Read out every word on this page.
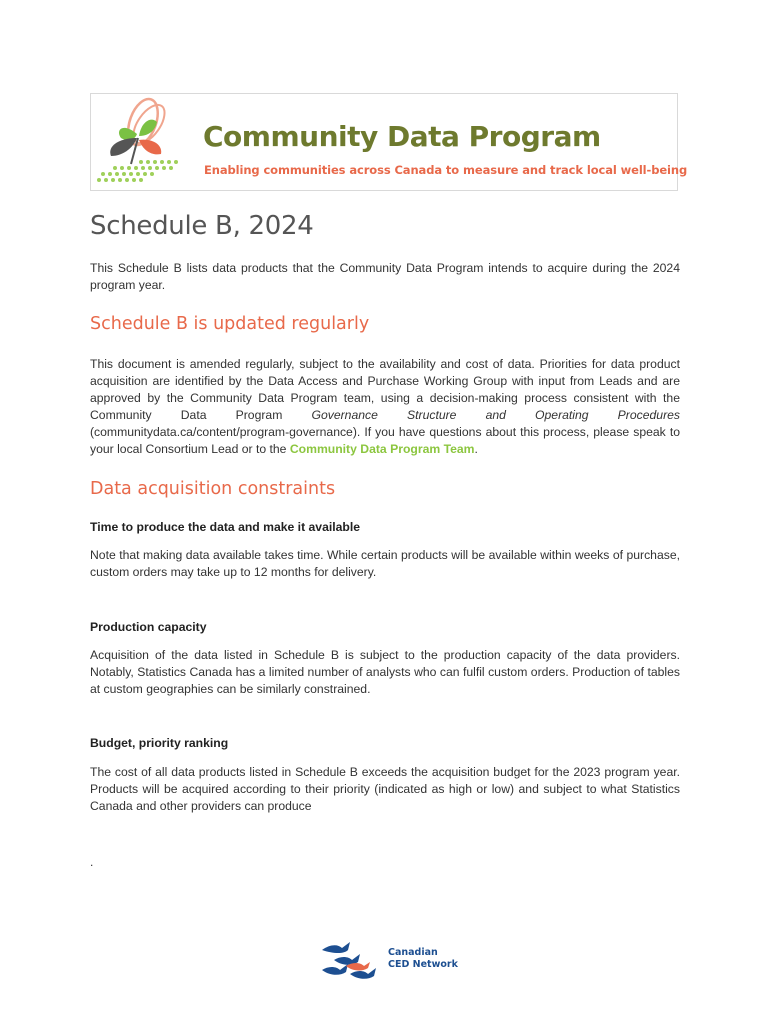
Community Data Program
Enabling communities across Canada to measure and track local well-being
Schedule B, 2024

This Schedule B lists data products that the Community Data Program intends to acquire during the 2024 program year.

Schedule B is updated regularly

This document is amended regularly, subject to the availability and cost of data. Priorities for data product acquisition are identified by the Data Access and Purchase Working Group with input from Leads and are approved by the Community Data Program team, using a decision-making process consistent with the Community Data Program Governance Structure and Operating Procedures (communitydata.ca/content/program-governance). If you have questions about this process, please speak to your local Consortium Lead or to the Community Data Program Team.

Data acquisition constraints
Time to produce the data and make it available

Note that making data available takes time. While certain products will be available within weeks of purchase, custom orders may take up to 12 months for delivery.

Production capacity

Acquisition of the data listed in Schedule B is subject to the production capacity of the data providers. Notably, Statistics Canada has a limited number of analysts who can fulfil custom orders. Production of tables at custom geographies can be similarly constrained.

Budget, priority ranking

The cost of all data products listed in Schedule B exceeds the acquisition budget for the 2023 program year. Products will be acquired according to their priority (indicated as high or low) and subject to what Statistics Canada and other providers can produce

.
Canadian
CED Network
